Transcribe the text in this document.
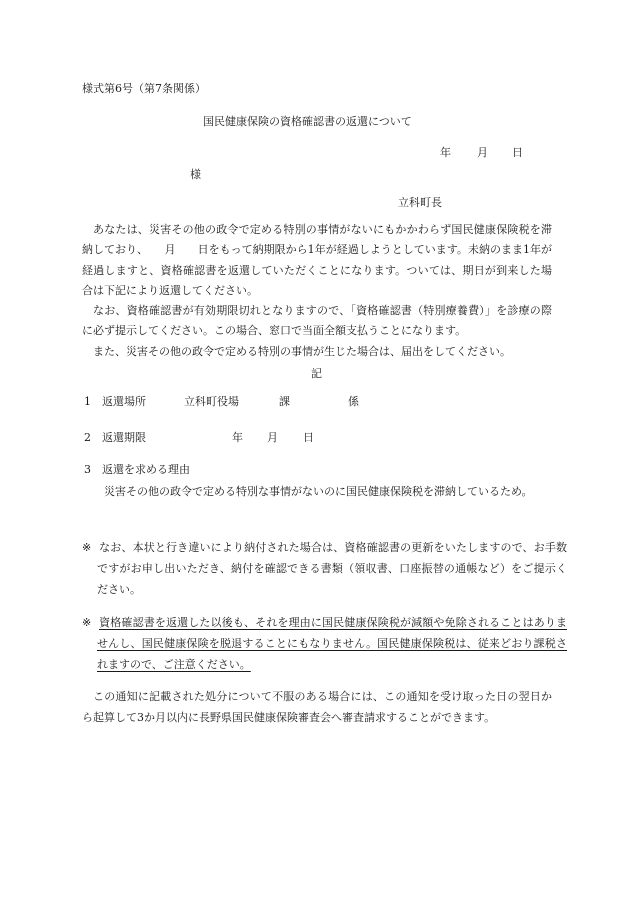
様式第6号（第7条関係）
国民健康保険の資格確認書の返還について
年 月 日
様
立科町長

あなたは、災害その他の政令で定める特別の事情がないにもかかわらず国民健康保険税を滞納しており、　　月　　日をもって納期限から1年が経過しようとしています。未納のまま1年が経過しますと、資格確認書を返還していただくことになります。ついては、期日が到来した場合は下記により返還してください。

なお、資格確認書が有効期限切れとなりますので、「資格確認書（特別療養費）」を診療の際に必ず提示してください。この場合、窓口で当面全額支払うことになります。

また、災害その他の政令で定める特別の事情が生じた場合は、届出をしてください。

記
1 返還場所	立科町役場	課	係
2 返還期限	年 月 日
3 返還を求める理由
災害その他の政令で定める特別な事情がないのに国民健康保険税を滞納しているため。
※ なお、本状と行き違いにより納付された場合は、資格確認書の更新をいたしますので、お手数ですがお申し出いただき、納付を確認できる書類（領収書、口座振替の通帳など）をご提示ください。
※ 資格確認書を返還した以後も、それを理由に国民健康保険税が減額や免除されることはありませんし、国民健康保険を脱退することにもなりません。国民健康保険税は、従来どおり課税されますので、ご注意ください。
この通知に記載された処分について不服のある場合には、この通知を受け取った日の翌日から起算して3か月以内に長野県国民健康保険審査会へ審査請求することができます。
